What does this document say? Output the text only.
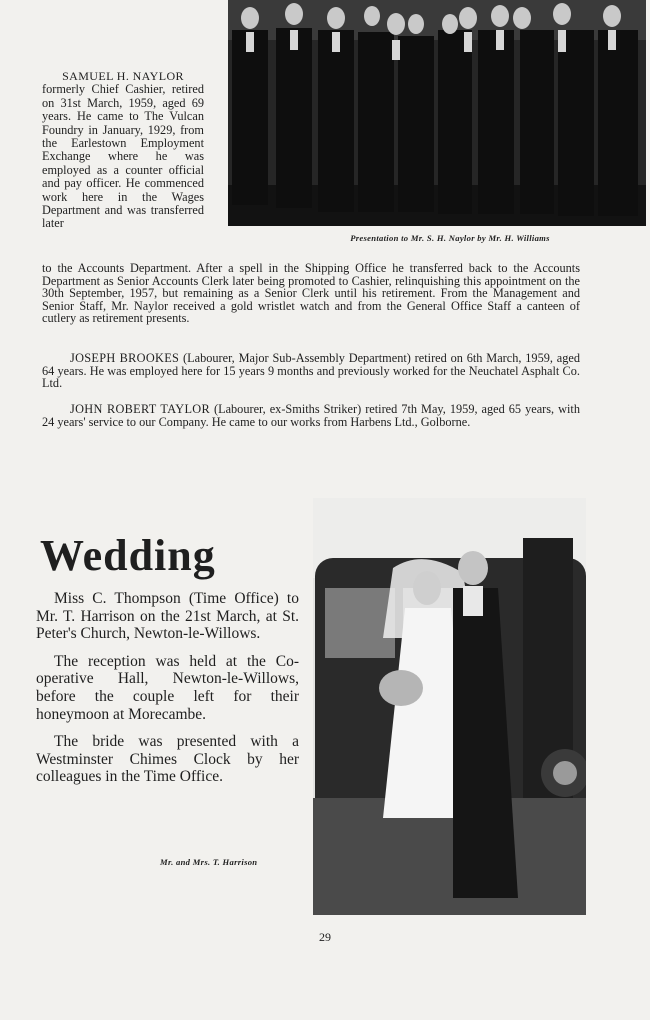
SAMUEL H. NAYLOR
formerly Chief Cashier, retired on 31st March, 1959, aged 69 years. He came to The Vulcan Foundry in January, 1929, from the Earlestown Employment Exchange where he was employed as a counter official and pay officer. He commenced work here in the Wages Department and was transferred later
Presentation to Mr. S. H. Naylor by Mr. H. Williams
to the Accounts Department. After a spell in the Shipping Office he transferred back to the Accounts Department as Senior Accounts Clerk later being promoted to Cashier, relinquishing this appointment on the 30th September, 1957, but remaining as a Senior Clerk until his retirement. From the Management and Senior Staff, Mr. Naylor received a gold wristlet watch and from the General Office Staff a canteen of cutlery as retirement presents.
JOSEPH BROOKES (Labourer, Major Sub-Assembly Department) retired on 6th March, 1959, aged 64 years. He was employed here for 15 years 9 months and previously worked for the Neuchatel Asphalt Co. Ltd.
JOHN ROBERT TAYLOR (Labourer, ex-Smiths Striker) retired 7th May, 1959, aged 65 years, with 24 years' service to our Company. He came to our works from Harbens Ltd., Golborne.
Wedding

Miss C. Thompson (Time Office) to Mr. T. Harrison on the 21st March, at St. Peter's Church, Newton-le-Willows.

The reception was held at the Co-operative Hall, Newton-le-Willows, before the couple left for their honeymoon at Morecambe.

The bride was presented with a Westminster Chimes Clock by her colleagues in the Time Office.

Mr. and Mrs. T. Harrison
29
